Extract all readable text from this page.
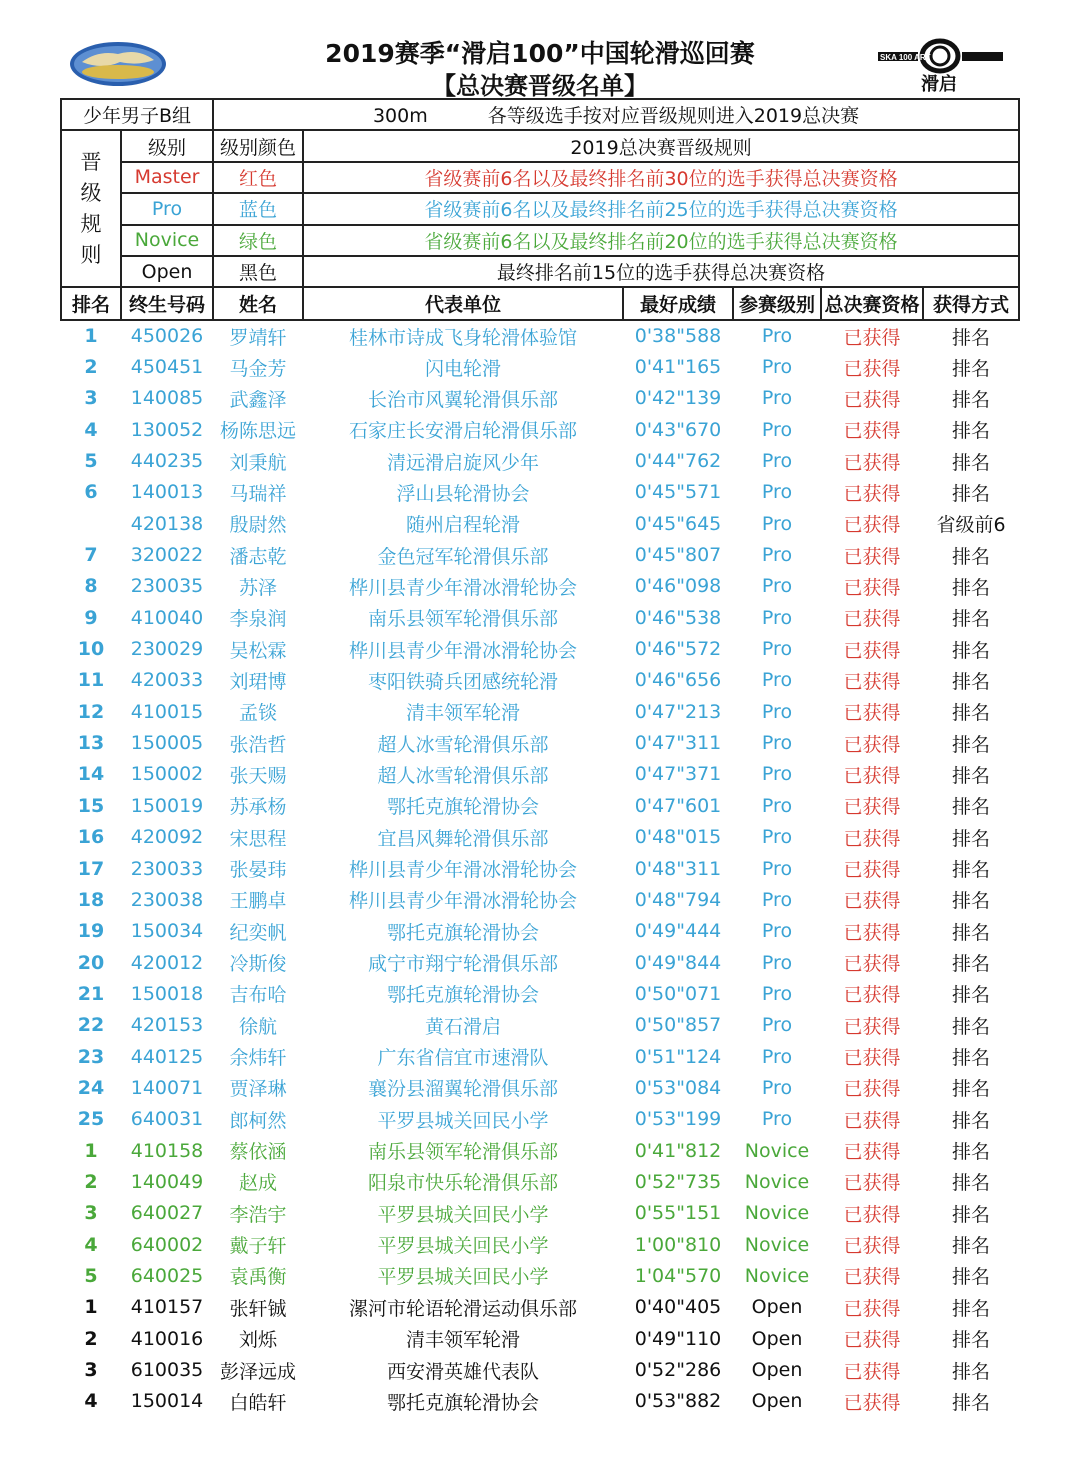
2019赛季“滑启100”中国轮滑巡回赛
【总决赛晋级名单】
SKA 100 ART
滑启
少年男子B组		300m 各等级选手按对应晋级规则进入2019总决赛	

晋
级
规
则	级别	级别颜色	2019总决赛晋级规则
	Master	红色	省级赛前6名以及最终排名前30位的选手获得总决赛资格
	Pro	蓝色	省级赛前6名以及最终排名前25位的选手获得总决赛资格
	Novice	绿色	省级赛前6名以及最终排名前20位的选手获得总决赛资格
	Open	黑色	最终排名前15位的选手获得总决赛资格
排名	终生号码	姓名	代表单位	最好成绩	参赛级别	总决赛资格	获得方式
1	450026	罗靖轩	桂林市诗成飞身轮滑体验馆	0'38"588	Pro	已获得	排名
2	450451	马金芳	闪电轮滑	0'41"165	Pro	已获得	排名
3	140085	武鑫泽	长治市风翼轮滑俱乐部	0'42"139	Pro	已获得	排名
4	130052	杨陈思远	石家庄长安滑启轮滑俱乐部	0'43"670	Pro	已获得	排名
5	440235	刘秉航	清远滑启旋风少年	0'44"762	Pro	已获得	排名
6	140013	马瑞祥	浮山县轮滑协会	0'45"571	Pro	已获得	排名
	420138	殷尉然	随州启程轮滑	0'45"645	Pro	已获得	省级前6
7	320022	潘志乾	金色冠军轮滑俱乐部	0'45"807	Pro	已获得	排名
8	230035	苏泽	桦川县青少年滑冰滑轮协会	0'46"098	Pro	已获得	排名
9	410040	李泉润	南乐县领军轮滑俱乐部	0'46"538	Pro	已获得	排名
10	230029	吴松霖	桦川县青少年滑冰滑轮协会	0'46"572	Pro	已获得	排名
11	420033	刘珺博	枣阳铁骑兵团感统轮滑	0'46"656	Pro	已获得	排名
12	410015	孟锬	清丰领军轮滑	0'47"213	Pro	已获得	排名
13	150005	张浩哲	超人冰雪轮滑俱乐部	0'47"311	Pro	已获得	排名
14	150002	张天赐	超人冰雪轮滑俱乐部	0'47"371	Pro	已获得	排名
15	150019	苏承杨	鄂托克旗轮滑协会	0'47"601	Pro	已获得	排名
16	420092	宋思程	宜昌风舞轮滑俱乐部	0'48"015	Pro	已获得	排名
17	230033	张晏玮	桦川县青少年滑冰滑轮协会	0'48"311	Pro	已获得	排名
18	230038	王鹏卓	桦川县青少年滑冰滑轮协会	0'48"794	Pro	已获得	排名
19	150034	纪奕帆	鄂托克旗轮滑协会	0'49"444	Pro	已获得	排名
20	420012	冷斯俊	咸宁市翔宁轮滑俱乐部	0'49"844	Pro	已获得	排名
21	150018	吉布哈	鄂托克旗轮滑协会	0'50"071	Pro	已获得	排名
22	420153	徐航	黄石滑启	0'50"857	Pro	已获得	排名
23	440125	余炜轩	广东省信宜市速滑队	0'51"124	Pro	已获得	排名
24	140071	贾泽琳	襄汾县溜翼轮滑俱乐部	0'53"084	Pro	已获得	排名
25	640031	郎柯然	平罗县城关回民小学	0'53"199	Pro	已获得	排名
1	410158	蔡依涵	南乐县领军轮滑俱乐部	0'41"812	Novice	已获得	排名
2	140049	赵成	阳泉市快乐轮滑俱乐部	0'52"735	Novice	已获得	排名
3	640027	李浩宇	平罗县城关回民小学	0'55"151	Novice	已获得	排名
4	640002	戴子轩	平罗县城关回民小学	1'00"810	Novice	已获得	排名
5	640025	袁禹衡	平罗县城关回民小学	1'04"570	Novice	已获得	排名
1	410157	张轩铖	漯河市轮语轮滑运动俱乐部	0'40"405	Open	已获得	排名
2	410016	刘烁	清丰领军轮滑	0'49"110	Open	已获得	排名
3	610035	彭泽远成	西安滑英雄代表队	0'52"286	Open	已获得	排名
4	150014	白皓轩	鄂托克旗轮滑协会	0'53"882	Open	已获得	排名
